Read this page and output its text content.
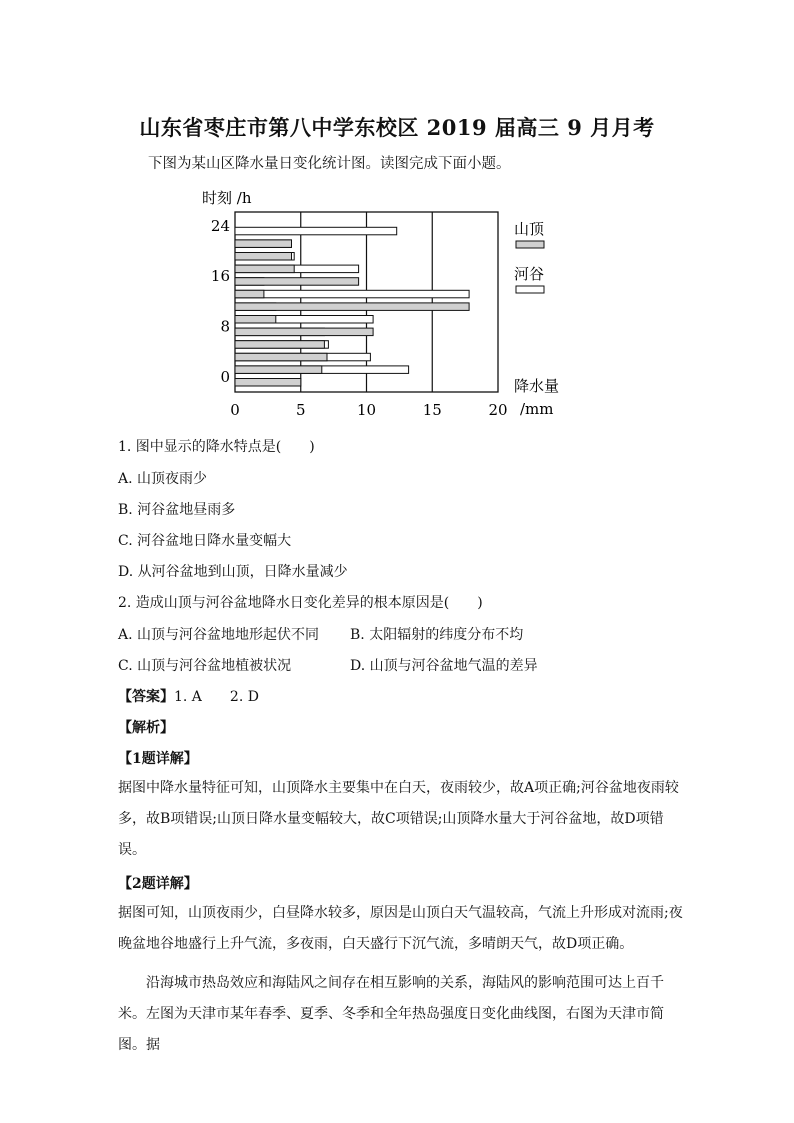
山东省枣庄市第八中学东校区 2019 届高三 9 月月考
下图为某山区降水量日变化统计图。读图完成下面小题。
0
8
16
24
0	5	10	15	20
时刻 /h
降水量
/mm
山顶
河谷
1. 图中显示的降水特点是(　　)
A. 山顶夜雨少
B. 河谷盆地昼雨多
C. 河谷盆地日降水量变幅大
D. 从河谷盆地到山顶，日降水量减少
2. 造成山顶与河谷盆地降水日变化差异的根本原因是(　　)
A. 山顶与河谷盆地地形起伏不同 B. 太阳辐射的纬度分布不均
C. 山顶与河谷盆地植被状况	D. 山顶与河谷盆地气温的差异
【答案】1. A　　2. D
【解析】
【1题详解】
据图中降水量特征可知，山顶降水主要集中在白天，夜雨较少，故A项正确;河谷盆地夜雨较多，故B项错误;山顶日降水量变幅较大，故C项错误;山顶降水量大于河谷盆地，故D项错误。
【2题详解】
据图可知，山顶夜雨少，白昼降水较多，原因是山顶白天气温较高，气流上升形成对流雨;夜晚盆地谷地盛行上升气流，多夜雨，白天盛行下沉气流，多晴朗天气，故D项正确。
沿海城市热岛效应和海陆风之间存在相互影响的关系，海陆风的影响范围可达上百千米。左图为天津市某年春季、夏季、冬季和全年热岛强度日变化曲线图，右图为天津市简图。据
